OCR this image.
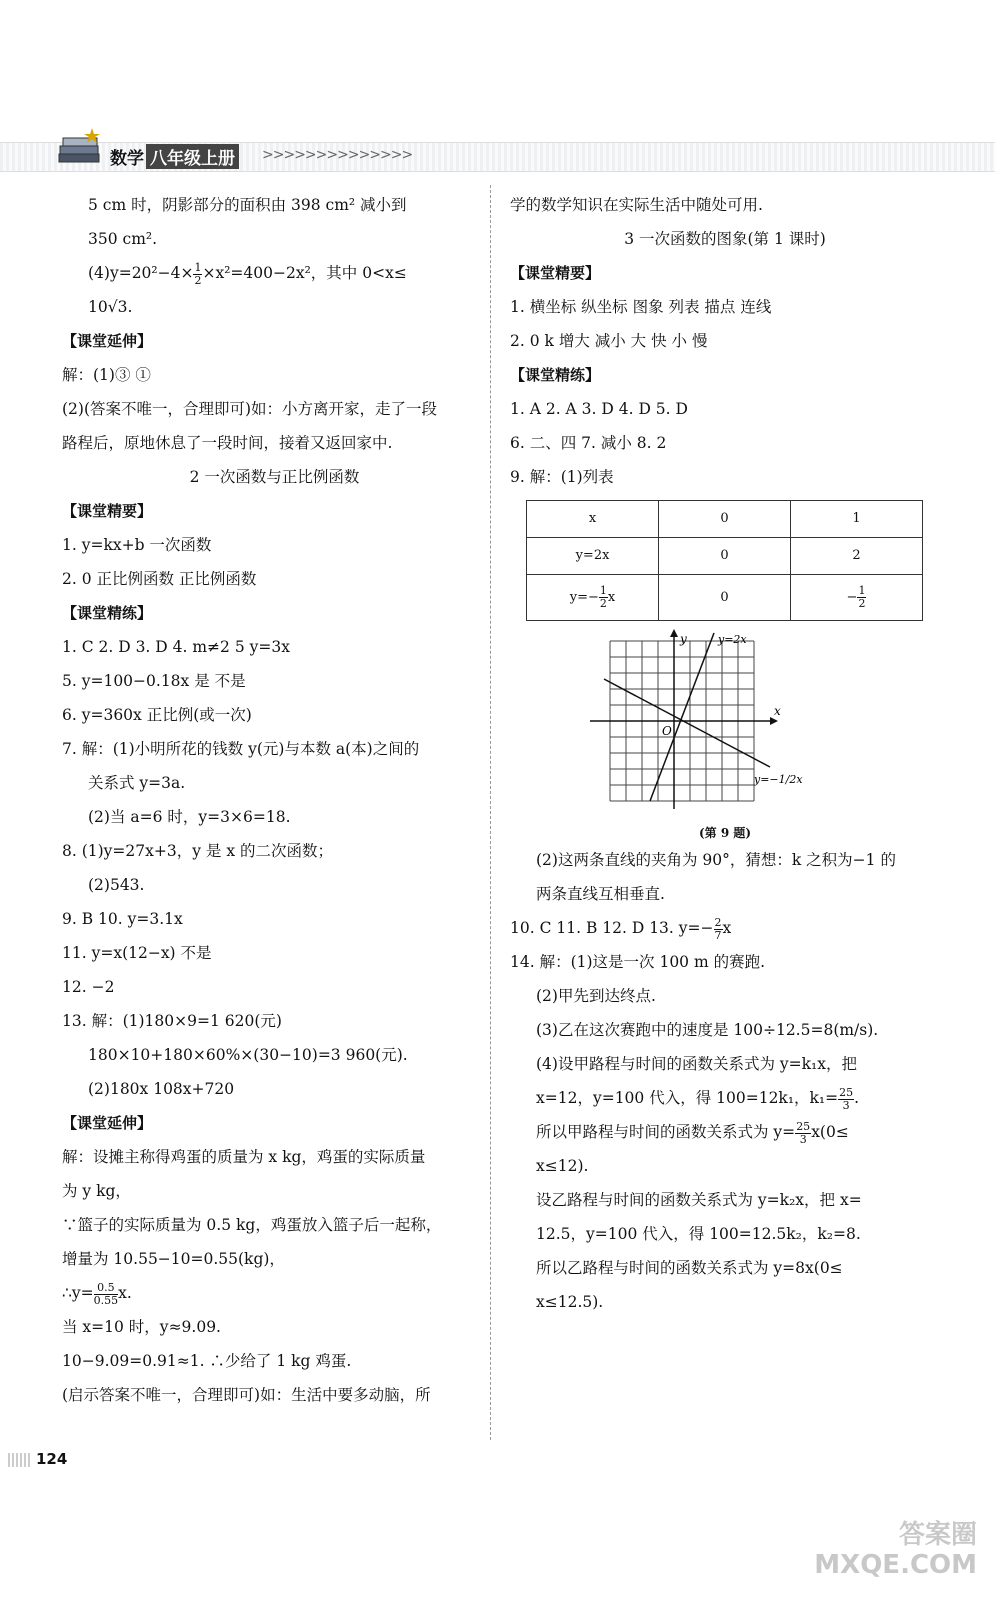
数学 八年级上册 >>>>>>>>>>>>>>
5 cm 时，阴影部分的面积由 398 cm² 减小到
350 cm².
$(4)y=20^2-4\times \frac{1}{2} \times x^2=400-2x^2$，其中 0<x≤
10√3.
【课堂延伸】
解：(1)③ ①
(2)(答案不唯一，合理即可)如：小方离开家，走了一段
路程后，原地休息了一段时间，接着又返回家中.
2 一次函数与正比例函数
【课堂精要】
1. y=kx+b 一次函数
2. 0 正比例函数 正比例函数
【课堂精练】
1. C 2. D 3. D 4. m≠2 5 y=3x
5. y=100−0.18x 是 不是
6. y=360x 正比例(或一次)
7. 解：(1)小明所花的钱数 y(元)与本数 a(本)之间的
关系式 y=3a.
(2)当 a=6 时，y=3×6=18.
8. (1)y=27x+3，y 是 x 的二次函数；
(2)543.
9. B 10. y=3.1x
11. y=x(12−x) 不是
12. −2
13. 解：(1)180×9=1 620(元)
180×10+180×60%×(30−10)=3 960(元).
(2)180x 108x+720
【课堂延伸】
解：设摊主称得鸡蛋的质量为 x kg，鸡蛋的实际质量
为 y kg，
∵篮子的实际质量为 0.5 kg，鸡蛋放入篮子后一起称，
增量为 10.55−10=0.55(kg)，
∴y= $\frac{0.5}{0.55} x$.
当 x=10 时，y≈9.09.
10−9.09=0.91≈1. ∴少给了 1 kg 鸡蛋.
(启示答案不唯一，合理即可)如：生活中要多动脑，所
学的数学知识在实际生活中随处可用.
3 一次函数的图象(第 1 课时)
【课堂精要】
1. 横坐标 纵坐标 图象 列表 描点 连线
2. 0 k 增大 减小 大 快 小 慢
【课堂精练】
1. A 2. A 3. D 4. D 5. D
6. 二、四 7. 减小 8. 2
9. 解：(1)列表
x	0	1
y=2x	0	2
$y=- \frac{1}{2}$ x	0	− $\frac{1}{2}$
y
x
O
y=2x
y=−1/2x
(第 9 题)
(2)这两条直线的夹角为 90°，猜想：k 之积为−1 的
两条直线互相垂直.
10. C 11. B 12. D 13. $y=- \frac{2}{7}$ x
14. 解：(1)这是一次 100 m 的赛跑.
(2)甲先到达终点.
(3)乙在这次赛跑中的速度是 100÷12.5=8(m/s).
(4)设甲路程与时间的函数关系式为 y=k₁x，把
x=12，y=100 代入，得 100=12k₁，$k_1= \frac{25}{3}$ .
所以甲路程与时间的函数关系式为 $y= \frac{25}{3} x(0\le$
x≤12).
设乙路程与时间的函数关系式为 y=k₂x，把 x=
12.5，y=100 代入，得 100=12.5k₂，k₂=8.
所以乙路程与时间的函数关系式为 y=8x(0≤
x≤12.5).
124
答案圈
MXQE.COM
